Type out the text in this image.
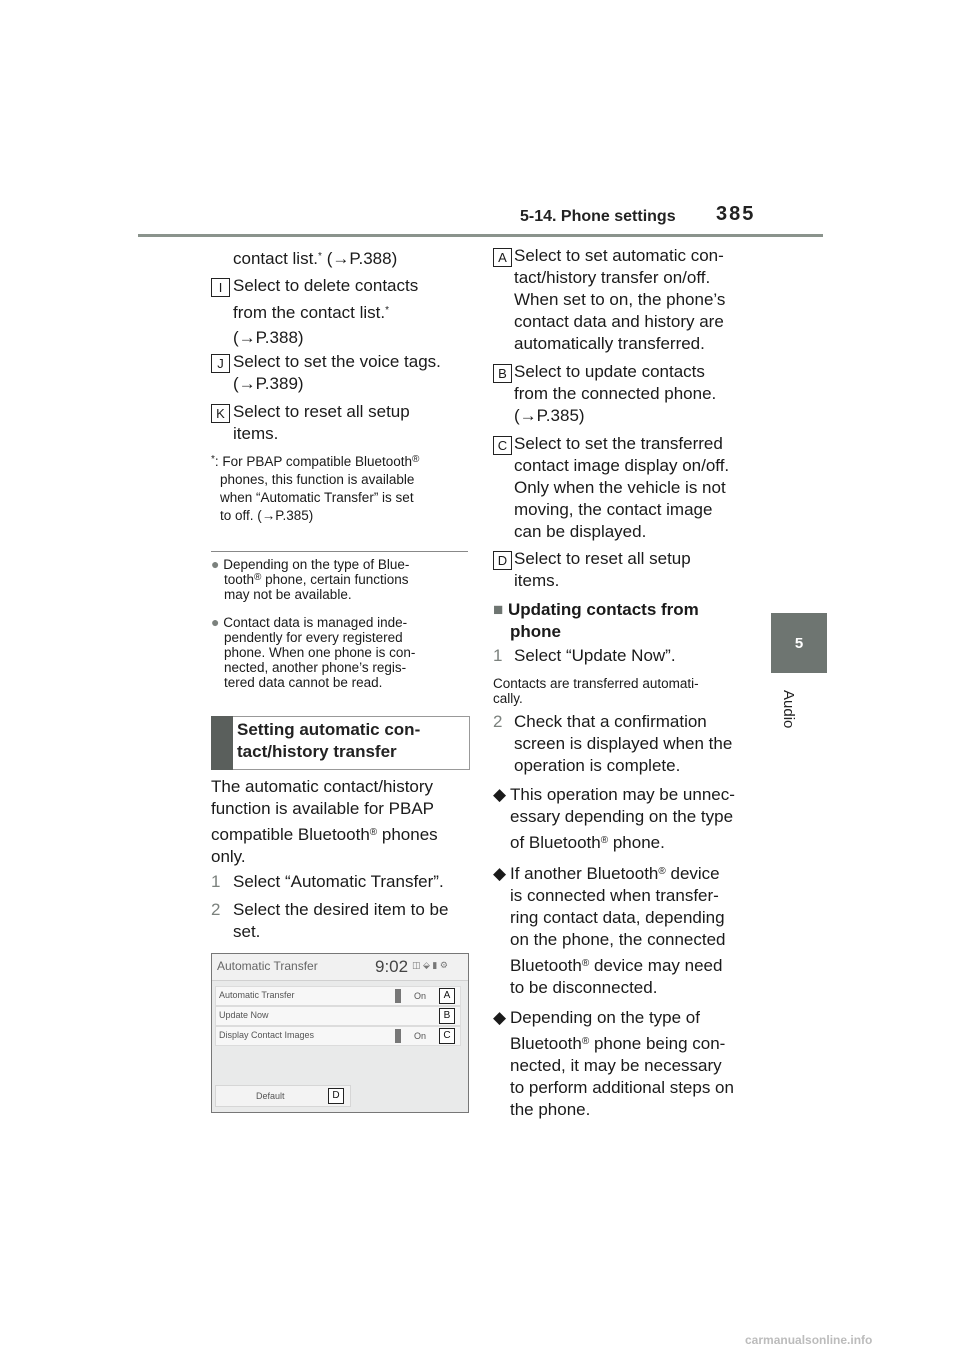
5-14. Phone settings 385
5
Audio
contact list.* (→P.388)
I Select to delete contacts
from the contact list.*
(→P.388)
J Select to set the voice tags.
(→P.389)
K Select to reset all setup
items.
*: For PBAP compatible Bluetooth®
phones, this function is available
when “Automatic Transfer” is set
to off. (→P.385)
● Depending on the type of Blue-
tooth® phone, certain functions
may not be available.
● Contact data is managed inde-
pendently for every registered
phone. When one phone is con-
nected, another phone’s regis-
tered data cannot be read.
Setting automatic con-
tact/history transfer
The automatic contact/history
function is available for PBAP
compatible Bluetooth® phones
only.
1 Select “Automatic Transfer”.
2 Select the desired item to be
set.
Automatic Transfer	9:02 ◫ ⬙ ▮ ⚙
Automatic Transfer	On	A
Update Now	B
Display Contact Images	On	C
Default	D
A Select to set automatic con-
tact/history transfer on/off.
When set to on, the phone’s
contact data and history are
automatically transferred.
B Select to update contacts
from the connected phone.
(→P.385)
C Select to set the transferred
contact image display on/off.
Only when the vehicle is not
moving, the contact image
can be displayed.
D Select to reset all setup
items.
■ Updating contacts from
phone
1 Select “Update Now”.
Contacts are transferred automati-
cally.
2 Check that a confirmation
screen is displayed when the
operation is complete.
◆ This operation may be unnec-
essary depending on the type
of Bluetooth® phone.
◆ If another Bluetooth® device
is connected when transfer-
ring contact data, depending
on the phone, the connected
Bluetooth® device may need
to be disconnected.
◆ Depending on the type of
Bluetooth® phone being con-
nected, it may be necessary
to perform additional steps on
the phone.
carmanualsonline.info
